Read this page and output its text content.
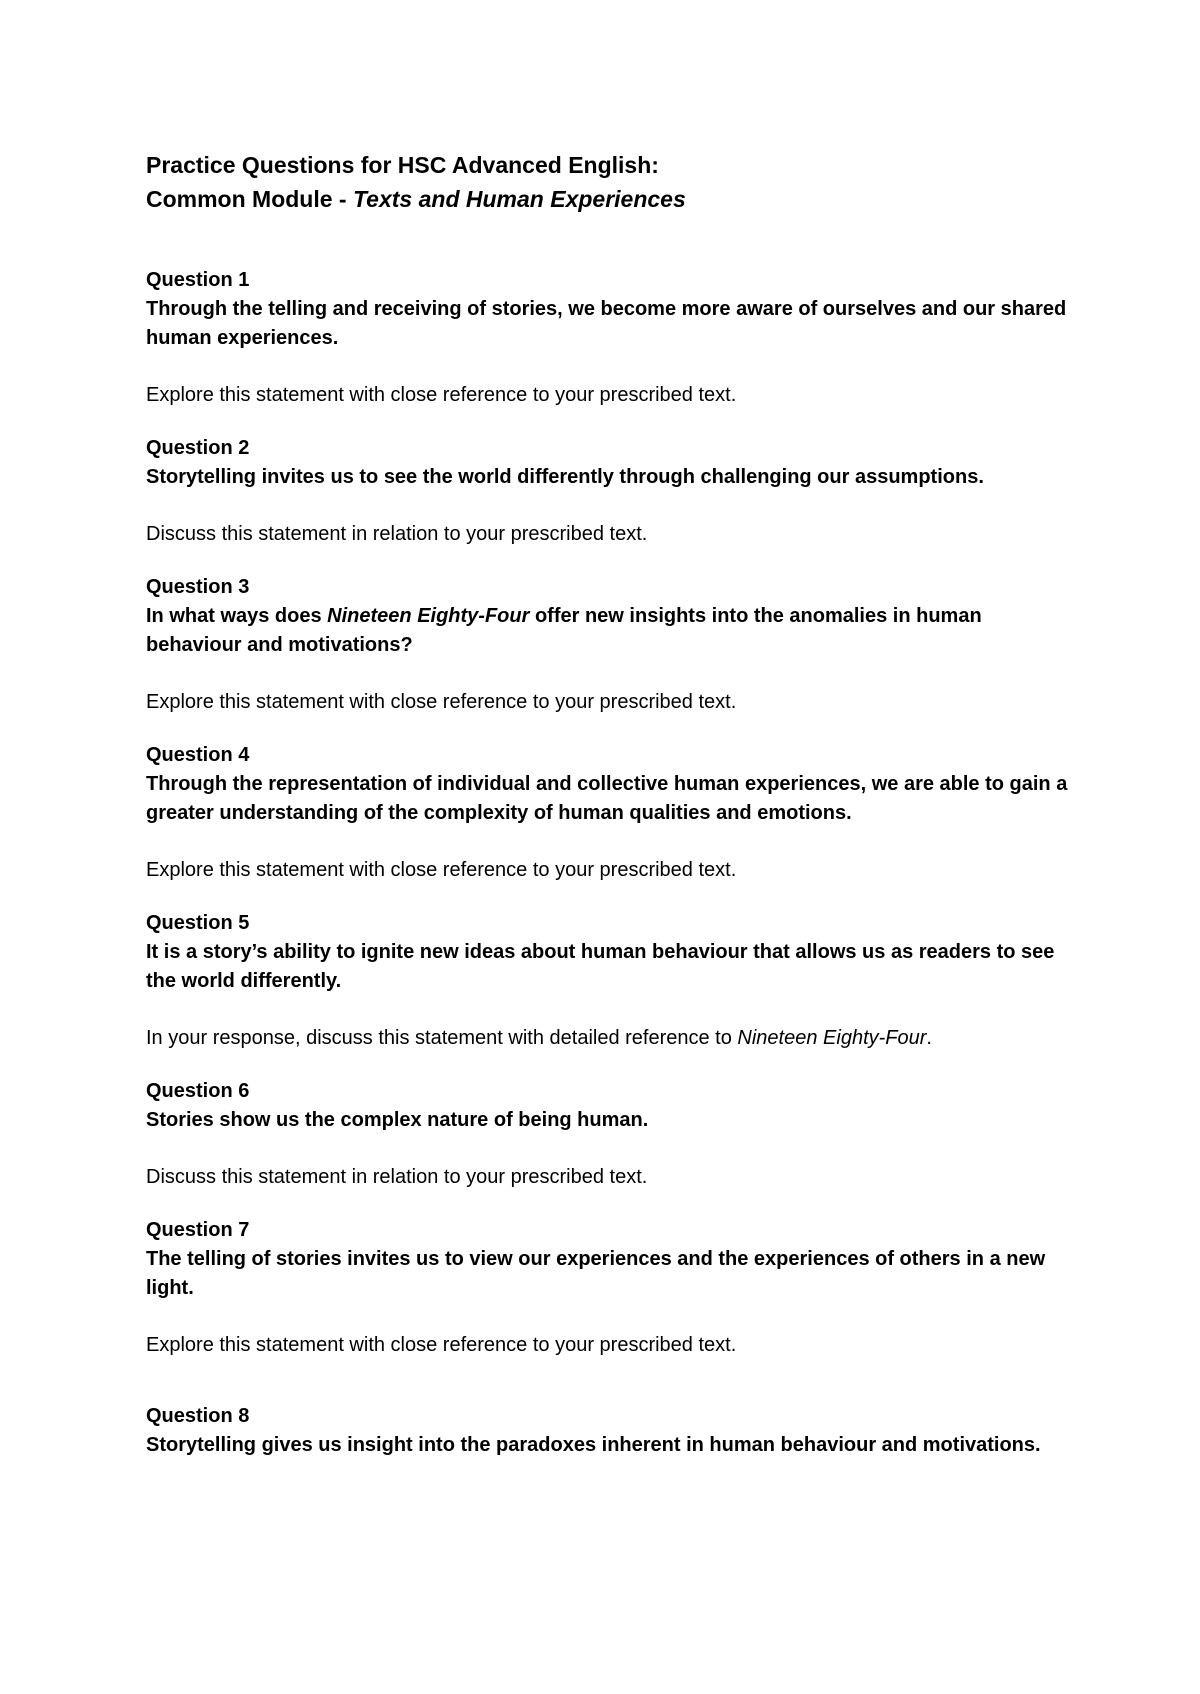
Practice Questions for HSC Advanced English:

Common Module - Texts and Human Experiences

Question 1

Through the telling and receiving of stories, we become more aware of ourselves and our shared human experiences.

Explore this statement with close reference to your prescribed text.

Question 2

Storytelling invites us to see the world differently through challenging our assumptions.

Discuss this statement in relation to your prescribed text.

Question 3

In what ways does Nineteen Eighty-Four offer new insights into the anomalies in human behaviour and motivations?

Explore this statement with close reference to your prescribed text.

Question 4

Through the representation of individual and collective human experiences, we are able to gain a greater understanding of the complexity of human qualities and emotions.

Explore this statement with close reference to your prescribed text.

Question 5

It is a story’s ability to ignite new ideas about human behaviour that allows us as readers to see the world differently.

In your response, discuss this statement with detailed reference to Nineteen Eighty-Four.

Question 6

Stories show us the complex nature of being human.

Discuss this statement in relation to your prescribed text.

Question 7

The telling of stories invites us to view our experiences and the experiences of others in a new light.

Explore this statement with close reference to your prescribed text.

Question 8

Storytelling gives us insight into the paradoxes inherent in human behaviour and motivations.
